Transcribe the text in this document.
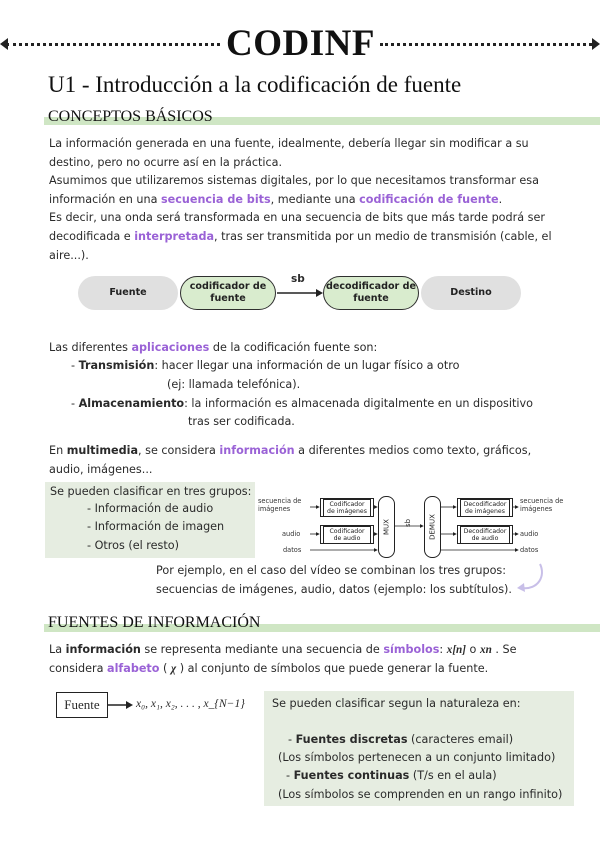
CODINF
U1 - Introducción a la codificación de fuente
CONCEPTOS BÁSICOS
La información generada en una fuente, idealmente, debería llegar sin modificar a su destino, pero no ocurre así en la práctica.
Asumimos que utilizaremos sistemas digitales, por lo que necesitamos transformar esa información en una secuencia de bits, mediante una codificación de fuente.
Es decir, una onda será transformada en una secuencia de bits que más tarde podrá ser decodificada e interpretada, tras ser transmitida por un medio de transmisión (cable, el aire...).
Fuente
codificador de fuente
decodificador de fuente
Destino
sb
Las diferentes aplicaciones de la codificación fuente son:
- Transmisión: hacer llegar una información de un lugar físico a otro
(ej: llamada telefónica).
- Almacenamiento: la información es almacenada digitalmente en un dispositivo
tras ser codificada.
En multimedia, se considera información a diferentes medios como texto, gráficos, audio, imágenes...
Se pueden clasificar en tres grupos:
- Información de audio
- Información de imagen
- Otros (el resto)
secuencia de imágenes
audio
datos
Codificador de imágenes
Codificador de audio
MUX sb DEMUX
Decodificador de imágenes
Decodificador de audio
secuencia de imágenes
audio
datos
Por ejemplo, en el caso del vídeo se combinan los tres grupos: secuencias de imágenes, audio, datos (ejemplo: los subtítulos).
FUENTES DE INFORMACIÓN
La información se representa mediante una secuencia de símbolos: x[n] o xn . Se
considera alfabeto ( χ ) al conjunto de símbolos que puede generar la fuente.
Fuente	x₀, x₁, x₂, . . . , x_{N−1} Se pueden clasificar segun la naturaleza en:
- Fuentes discretas (caracteres email)
(Los símbolos pertenecen a un conjunto limitado)
- Fuentes continuas (T/s en el aula)
(Los símbolos se comprenden en un rango infinito)
